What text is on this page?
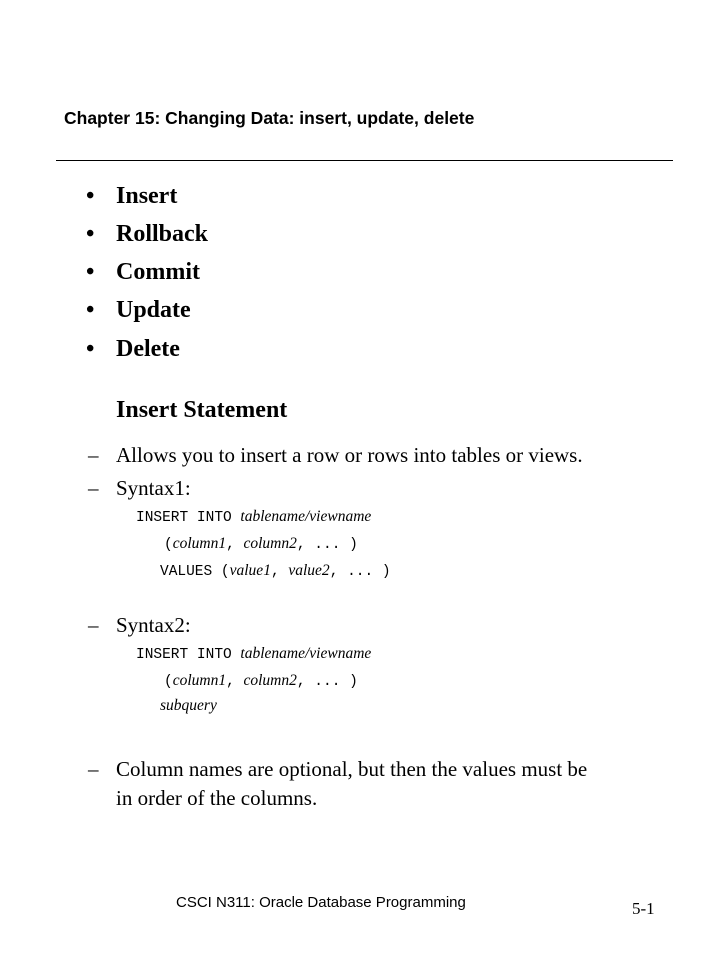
Chapter 15: Changing Data: insert, update, delete
• Insert
• Rollback
• Commit
• Update
• Delete
Insert Statement
– Allows you to insert a row or rows into tables or views.
– Syntax1:
INSERT INTO tablename/viewname
(column1, column2, ... )
VALUES (value1, value2, ... )
– Syntax2:
INSERT INTO tablename/viewname
(column1, column2, ... )
subquery
– Column names are optional, but then the values must be
in order of the columns.
CSCI N311: Oracle Database Programming	5-1
